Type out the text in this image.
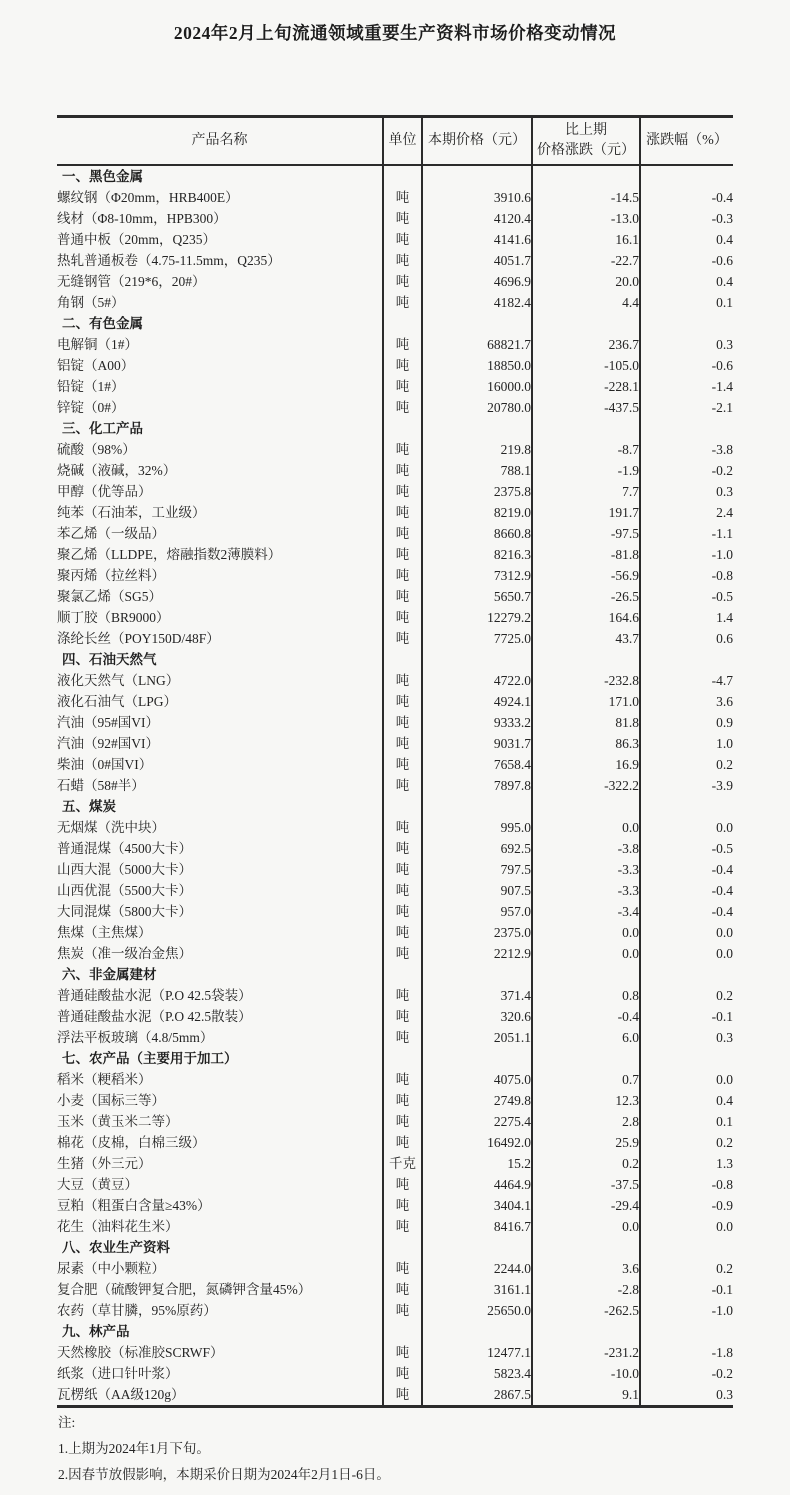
2024年2月上旬流通领域重要生产资料市场价格变动情况
产品名称	单位	本期价格（元）	比上期
价格涨跌（元）	涨跌幅（%）
一、黑色金属				
螺纹钢（Φ20mm，HRB400E）	吨	3910.6	-14.5	-0.4
线材（Φ8-10mm，HPB300）	吨	4120.4	-13.0	-0.3
普通中板（20mm，Q235）	吨	4141.6	16.1	0.4
热轧普通板卷（4.75-11.5mm，Q235）	吨	4051.7	-22.7	-0.6
无缝钢管（219*6，20#）	吨	4696.9	20.0	0.4
角钢（5#）	吨	4182.4	4.4	0.1
二、有色金属				
电解铜（1#）	吨	68821.7	236.7	0.3
铝锭（A00）	吨	18850.0	-105.0	-0.6
铅锭（1#）	吨	16000.0	-228.1	-1.4
锌锭（0#）	吨	20780.0	-437.5	-2.1
三、化工产品				
硫酸（98%）	吨	219.8	-8.7	-3.8
烧碱（液碱，32%）	吨	788.1	-1.9	-0.2
甲醇（优等品）	吨	2375.8	7.7	0.3
纯苯（石油苯，工业级）	吨	8219.0	191.7	2.4
苯乙烯（一级品）	吨	8660.8	-97.5	-1.1
聚乙烯（LLDPE，熔融指数2薄膜料）	吨	8216.3	-81.8	-1.0
聚丙烯（拉丝料）	吨	7312.9	-56.9	-0.8
聚氯乙烯（SG5）	吨	5650.7	-26.5	-0.5
顺丁胶（BR9000）	吨	12279.2	164.6	1.4
涤纶长丝（POY150D/48F）	吨	7725.0	43.7	0.6
四、石油天然气				
液化天然气（LNG）	吨	4722.0	-232.8	-4.7
液化石油气（LPG）	吨	4924.1	171.0	3.6
汽油（95#国VI）	吨	9333.2	81.8	0.9
汽油（92#国VI）	吨	9031.7	86.3	1.0
柴油（0#国VI）	吨	7658.4	16.9	0.2
石蜡（58#半）	吨	7897.8	-322.2	-3.9
五、煤炭				
无烟煤（洗中块）	吨	995.0	0.0	0.0
普通混煤（4500大卡）	吨	692.5	-3.8	-0.5
山西大混（5000大卡）	吨	797.5	-3.3	-0.4
山西优混（5500大卡）	吨	907.5	-3.3	-0.4
大同混煤（5800大卡）	吨	957.0	-3.4	-0.4
焦煤（主焦煤）	吨	2375.0	0.0	0.0
焦炭（准一级冶金焦）	吨	2212.9	0.0	0.0
六、非金属建材				
普通硅酸盐水泥（P.O 42.5袋装）	吨	371.4	0.8	0.2
普通硅酸盐水泥（P.O 42.5散装）	吨	320.6	-0.4	-0.1
浮法平板玻璃（4.8/5mm）	吨	2051.1	6.0	0.3
七、农产品（主要用于加工）				
稻米（粳稻米）	吨	4075.0	0.7	0.0
小麦（国标三等）	吨	2749.8	12.3	0.4
玉米（黄玉米二等）	吨	2275.4	2.8	0.1
棉花（皮棉，白棉三级）	吨	16492.0	25.9	0.2
生猪（外三元）	千克	15.2	0.2	1.3
大豆（黄豆）	吨	4464.9	-37.5	-0.8
豆粕（粗蛋白含量≥43%）	吨	3404.1	-29.4	-0.9
花生（油料花生米）	吨	8416.7	0.0	0.0
八、农业生产资料				
尿素（中小颗粒）	吨	2244.0	3.6	0.2
复合肥（硫酸钾复合肥，氮磷钾含量45%）	吨	3161.1	-2.8	-0.1
农药（草甘膦，95%原药）	吨	25650.0	-262.5	-1.0
九、林产品				
天然橡胶（标准胶SCRWF）	吨	12477.1	-231.2	-1.8
纸浆（进口针叶浆）	吨	5823.4	-10.0	-0.2
瓦楞纸（AA级120g）	吨	2867.5	9.1	0.3
注:
1.上期为2024年1月下旬。
2.因春节放假影响，本期采价日期为2024年2月1日-6日。
